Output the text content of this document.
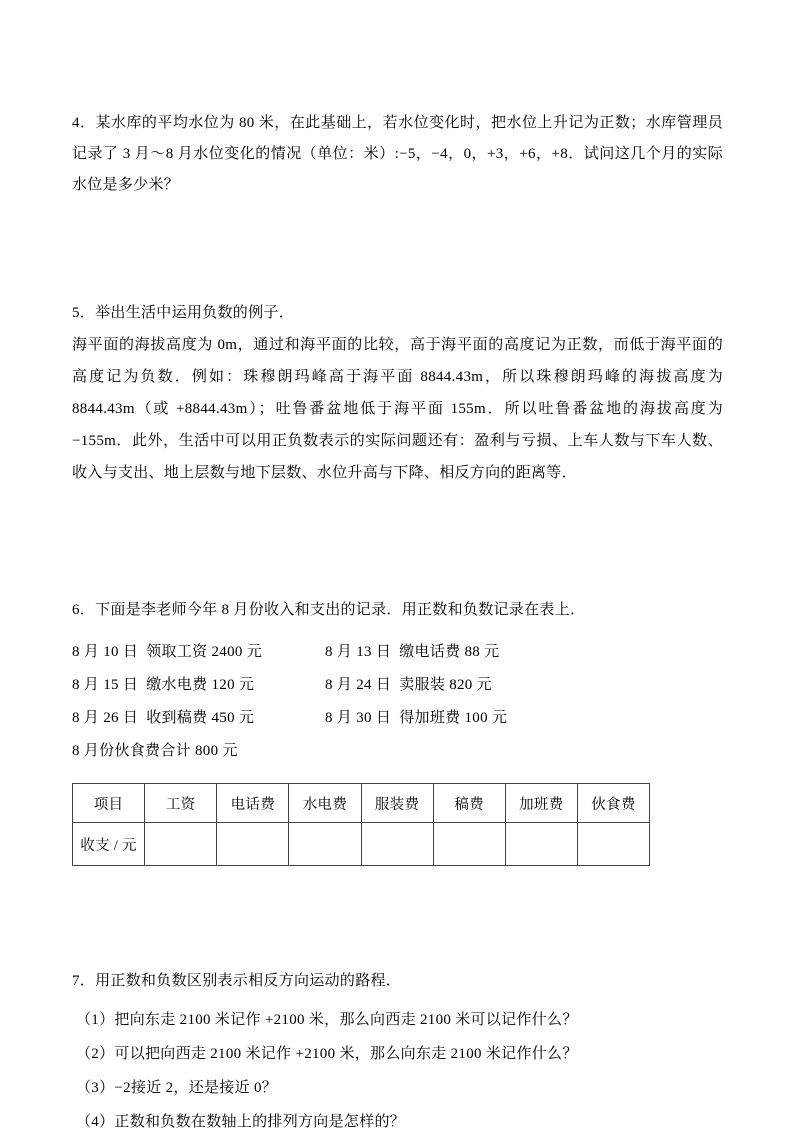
4．某水库的平均水位为 80 米，在此基础上，若水位变化时，把水位上升记为正数；水库管理员记录了 3 月～8 月水位变化的情况（单位：米）:−5，−4，0，+3，+6，+8．试问这几个月的实际水位是多少米？

5．举出生活中运用负数的例子．

海平面的海拔高度为 0m，通过和海平面的比较，高于海平面的高度记为正数，而低于海平面的高度记为负数．例如：珠穆朗玛峰高于海平面 8844.43m，所以珠穆朗玛峰的海拔高度为 8844.43m（或 +8844.43m）；吐鲁番盆地低于海平面 155m．所以吐鲁番盆地的海拔高度为 −155m．此外，生活中可以用正负数表示的实际问题还有：盈利与亏损、上车人数与下车人数、收入与支出、地上层数与地下层数、水位升高与下降、相反方向的距离等．

6．下面是李老师今年 8 月份收入和支出的记录．用正数和负数记录在表上．

8 月 10 日  领取工资 2400 元	8 月 13 日  缴电话费 88 元
8 月 15 日  缴水电费 120 元	8 月 24 日  卖服装 820 元
8 月 26 日  收到稿费 450 元	8 月 30 日  得加班费 100 元
8 月份伙食费合计 800 元
项目	工资	电话费	水电费	服装费	稿费	加班费	伙食费
收支 / 元							

7．用正数和负数区别表示相反方向运动的路程．

（1）把向东走 2100 米记作 +2100 米，那么向西走 2100 米可以记作什么？

（2）可以把向西走 2100 米记作 +2100 米，那么向东走 2100 米记作什么？

（3）−2接近 2，还是接近 0？

（4）正数和负数在数轴上的排列方向是怎样的？
